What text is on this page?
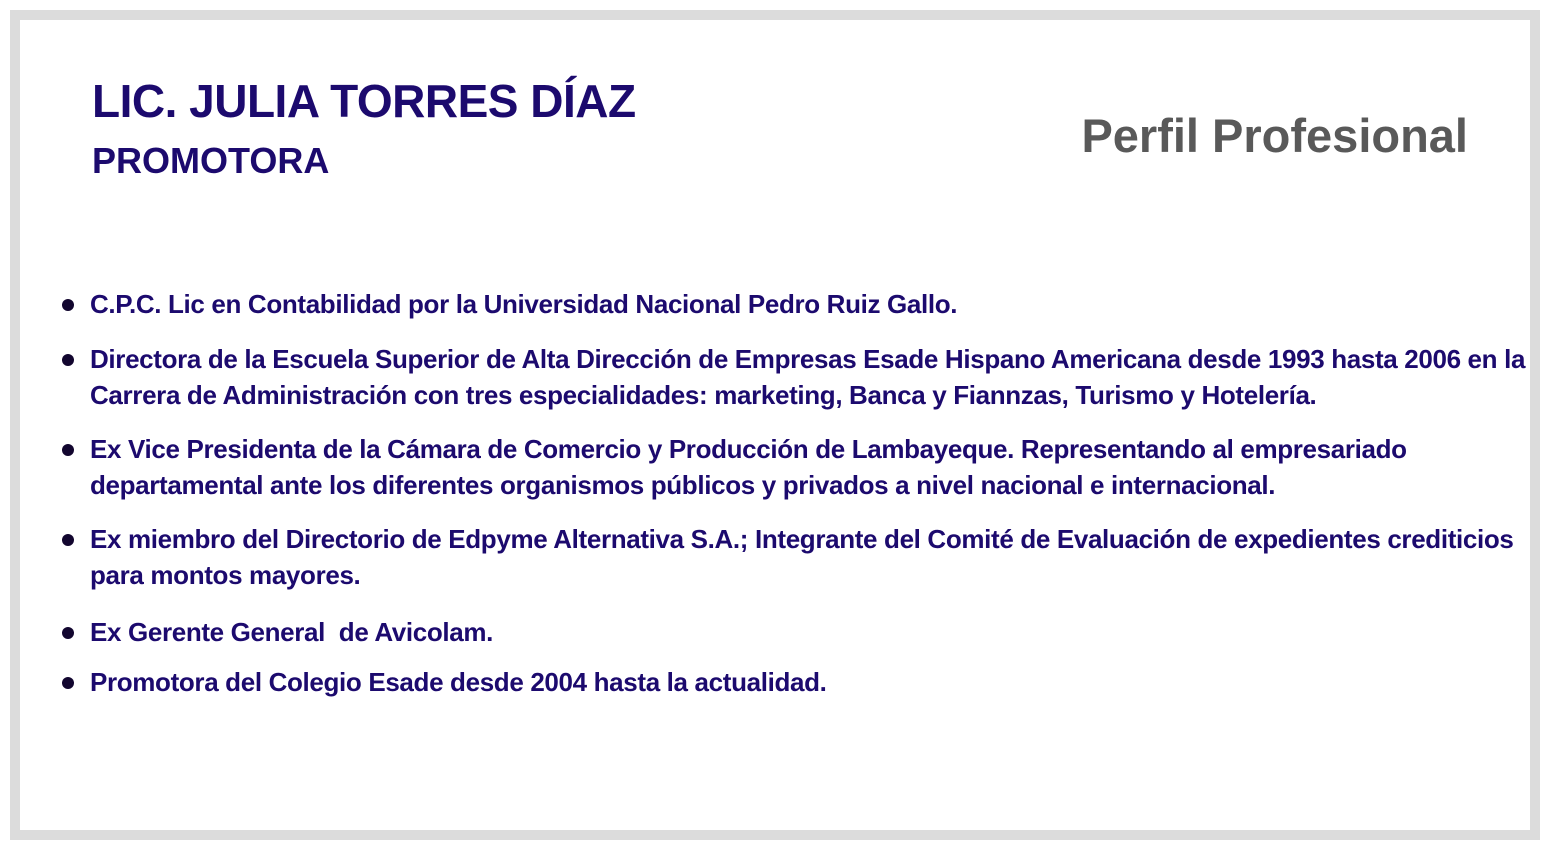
LIC. JULIA TORRES DÍAZ
PROMOTORA	Perfil Profesional
C.P.C. Lic en Contabilidad por la Universidad Nacional Pedro Ruiz Gallo.
Directora de la Escuela Superior de Alta Dirección de Empresas Esade Hispano Americana desde 1993 hasta 2006 en la Carrera de Administración con tres especialidades: marketing, Banca y Fiannzas, Turismo y Hotelería.
Ex Vice Presidenta de la Cámara de Comercio y Producción de Lambayeque. Representando al empresariado departamental ante los diferentes organismos públicos y privados a nivel nacional e internacional.
Ex miembro del Directorio de Edpyme Alternativa S.A.; Integrante del Comité de Evaluación de expedientes crediticios para montos mayores.
Ex Gerente General  de Avicolam.
Promotora del Colegio Esade desde 2004 hasta la actualidad.
